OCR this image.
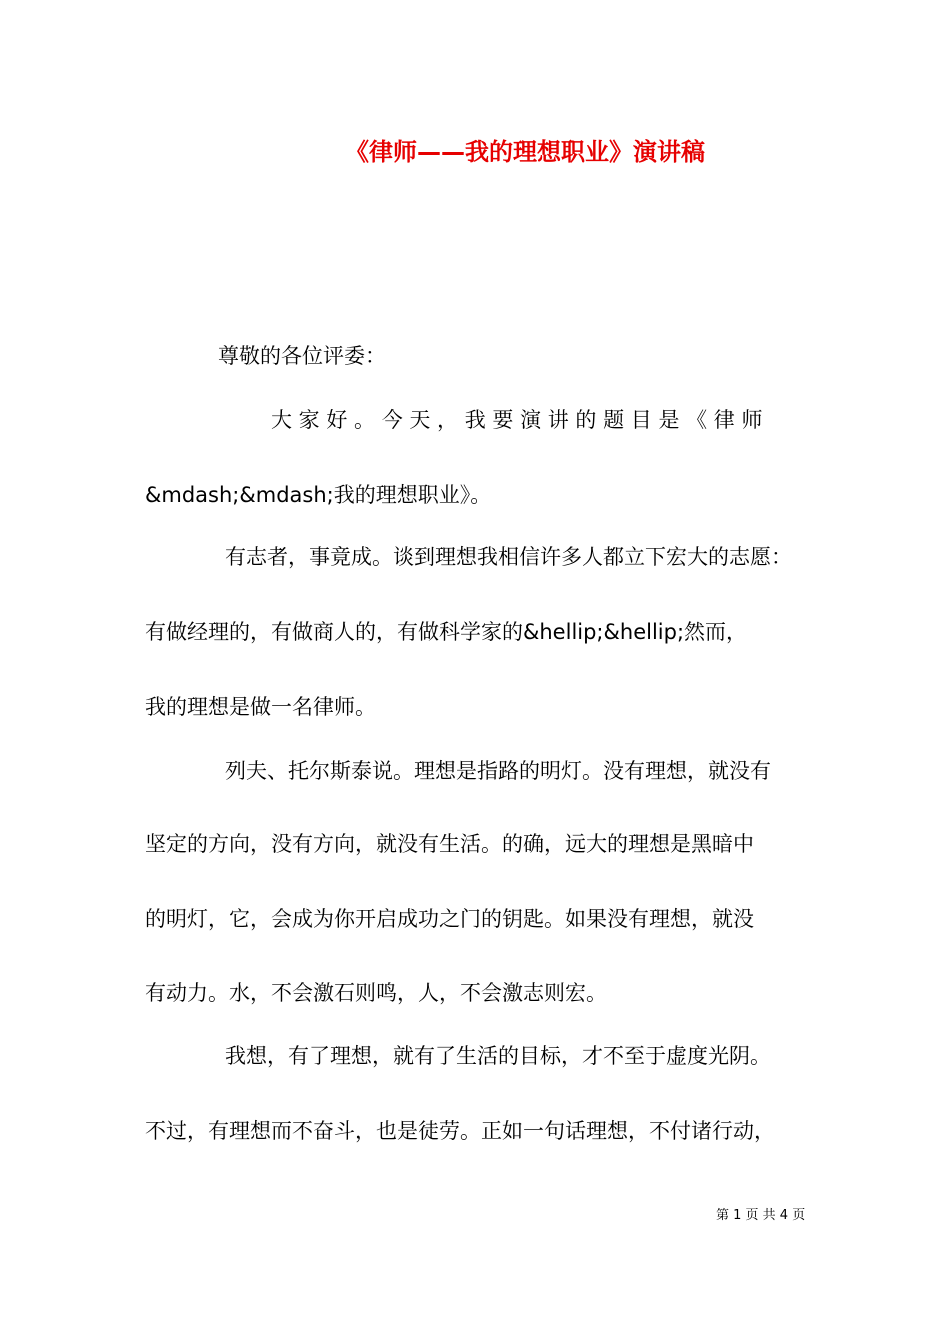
《律师——我的理想职业》演讲稿
尊敬的各位评委：
大 家 好 。 今 天 ， 我 要 演 讲 的 题 目 是 《 律 师
&mdash;&mdash;我的理想职业》。
有志者，事竟成。谈到理想我相信许多人都立下宏大的志愿：
有做经理的，有做商人的，有做科学家的&hellip;&hellip;然而，
我的理想是做一名律师。
列夫、托尔斯泰说。理想是指路的明灯。没有理想，就没有
坚定的方向，没有方向，就没有生活。的确，远大的理想是黑暗中
的明灯，它，会成为你开启成功之门的钥匙。如果没有理想，就没
有动力。水，不会激石则鸣，人，不会激志则宏。
我想，有了理想，就有了生活的目标，才不至于虚度光阴。
不过，有理想而不奋斗，也是徒劳。正如一句话理想，不付诸行动，
第 1 页 共 4 页
